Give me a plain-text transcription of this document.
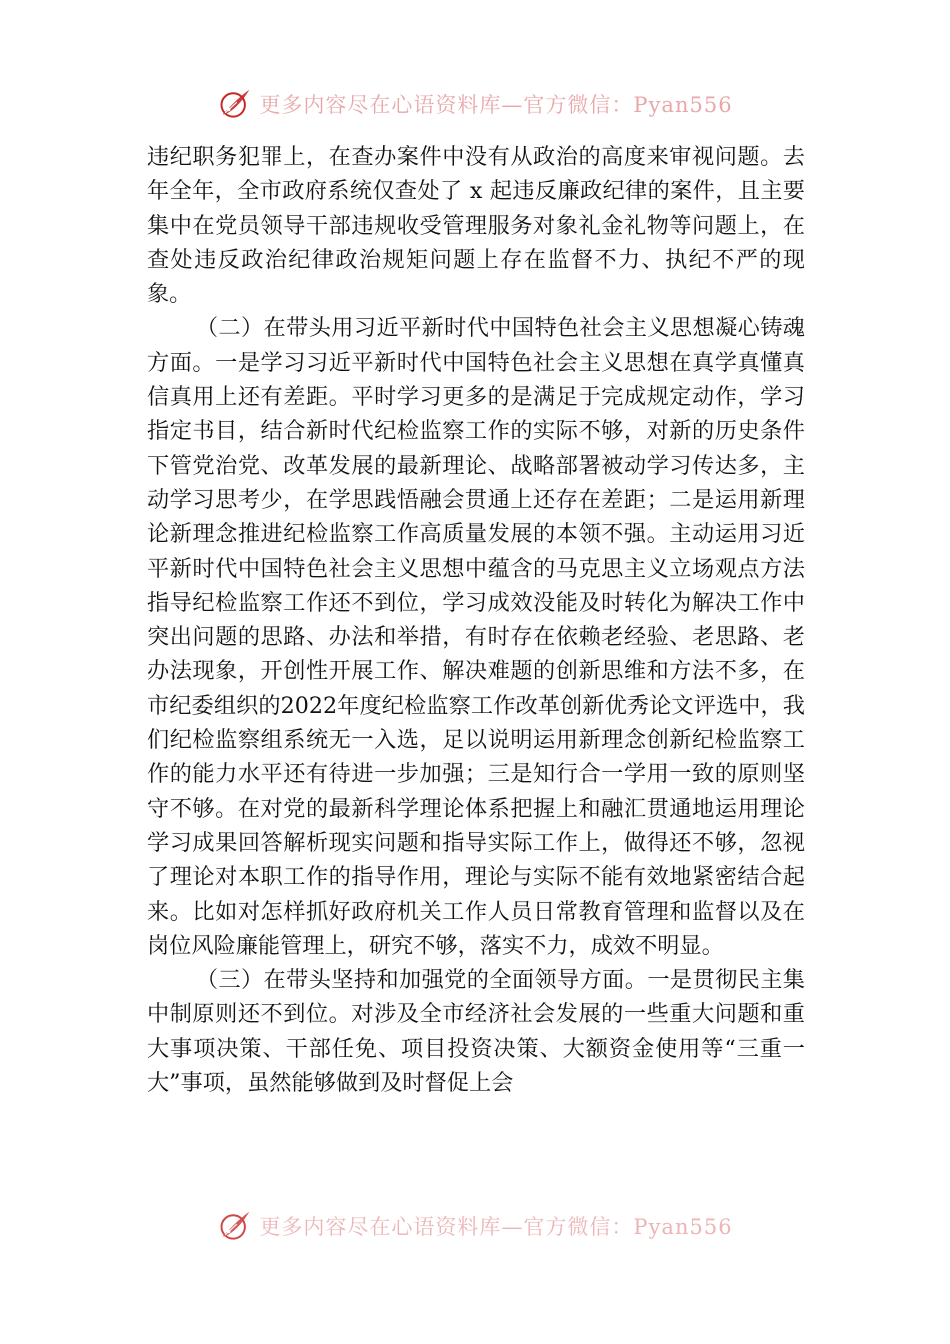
更多内容尽在心语资料库—官方微信：Pyan556

违纪职务犯罪上，在查办案件中没有从政治的高度来审视问题。去年全年，全市政府系统仅查处了 x 起违反廉政纪律的案件，且主要集中在党员领导干部违规收受管理服务对象礼金礼物等问题上，在查处违反政治纪律政治规矩问题上存在监督不力、执纪不严的现象。

（二）在带头用习近平新时代中国特色社会主义思想凝心铸魂方面。一是学习习近平新时代中国特色社会主义思想在真学真懂真信真用上还有差距。平时学习更多的是满足于完成规定动作，学习指定书目，结合新时代纪检监察工作的实际不够，对新的历史条件下管党治党、改革发展的最新理论、战略部署被动学习传达多，主动学习思考少，在学思践悟融会贯通上还存在差距；二是运用新理论新理念推进纪检监察工作高质量发展的本领不强。主动运用习近平新时代中国特色社会主义思想中蕴含的马克思主义立场观点方法指导纪检监察工作还不到位，学习成效没能及时转化为解决工作中突出问题的思路、办法和举措，有时存在依赖老经验、老思路、老办法现象，开创性开展工作、解决难题的创新思维和方法不多，在市纪委组织的2022年度纪检监察工作改革创新优秀论文评选中，我们纪检监察组系统无一入选，足以说明运用新理念创新纪检监察工作的能力水平还有待进一步加强；三是知行合一学用一致的原则坚守不够。在对党的最新科学理论体系把握上和融汇贯通地运用理论学习成果回答解析现实问题和指导实际工作上，做得还不够，忽视了理论对本职工作的指导作用，理论与实际不能有效地紧密结合起来。比如对怎样抓好政府机关工作人员日常教育管理和监督以及在岗位风险廉能管理上，研究不够，落实不力，成效不明显。

（三）在带头坚持和加强党的全面领导方面。一是贯彻民主集中制原则还不到位。对涉及全市经济社会发展的一些重大问题和重大事项决策、干部任免、项目投资决策、大额资金使用等“三重一大”事项，虽然能够做到及时督促上会

更多内容尽在心语资料库—官方微信：Pyan556
